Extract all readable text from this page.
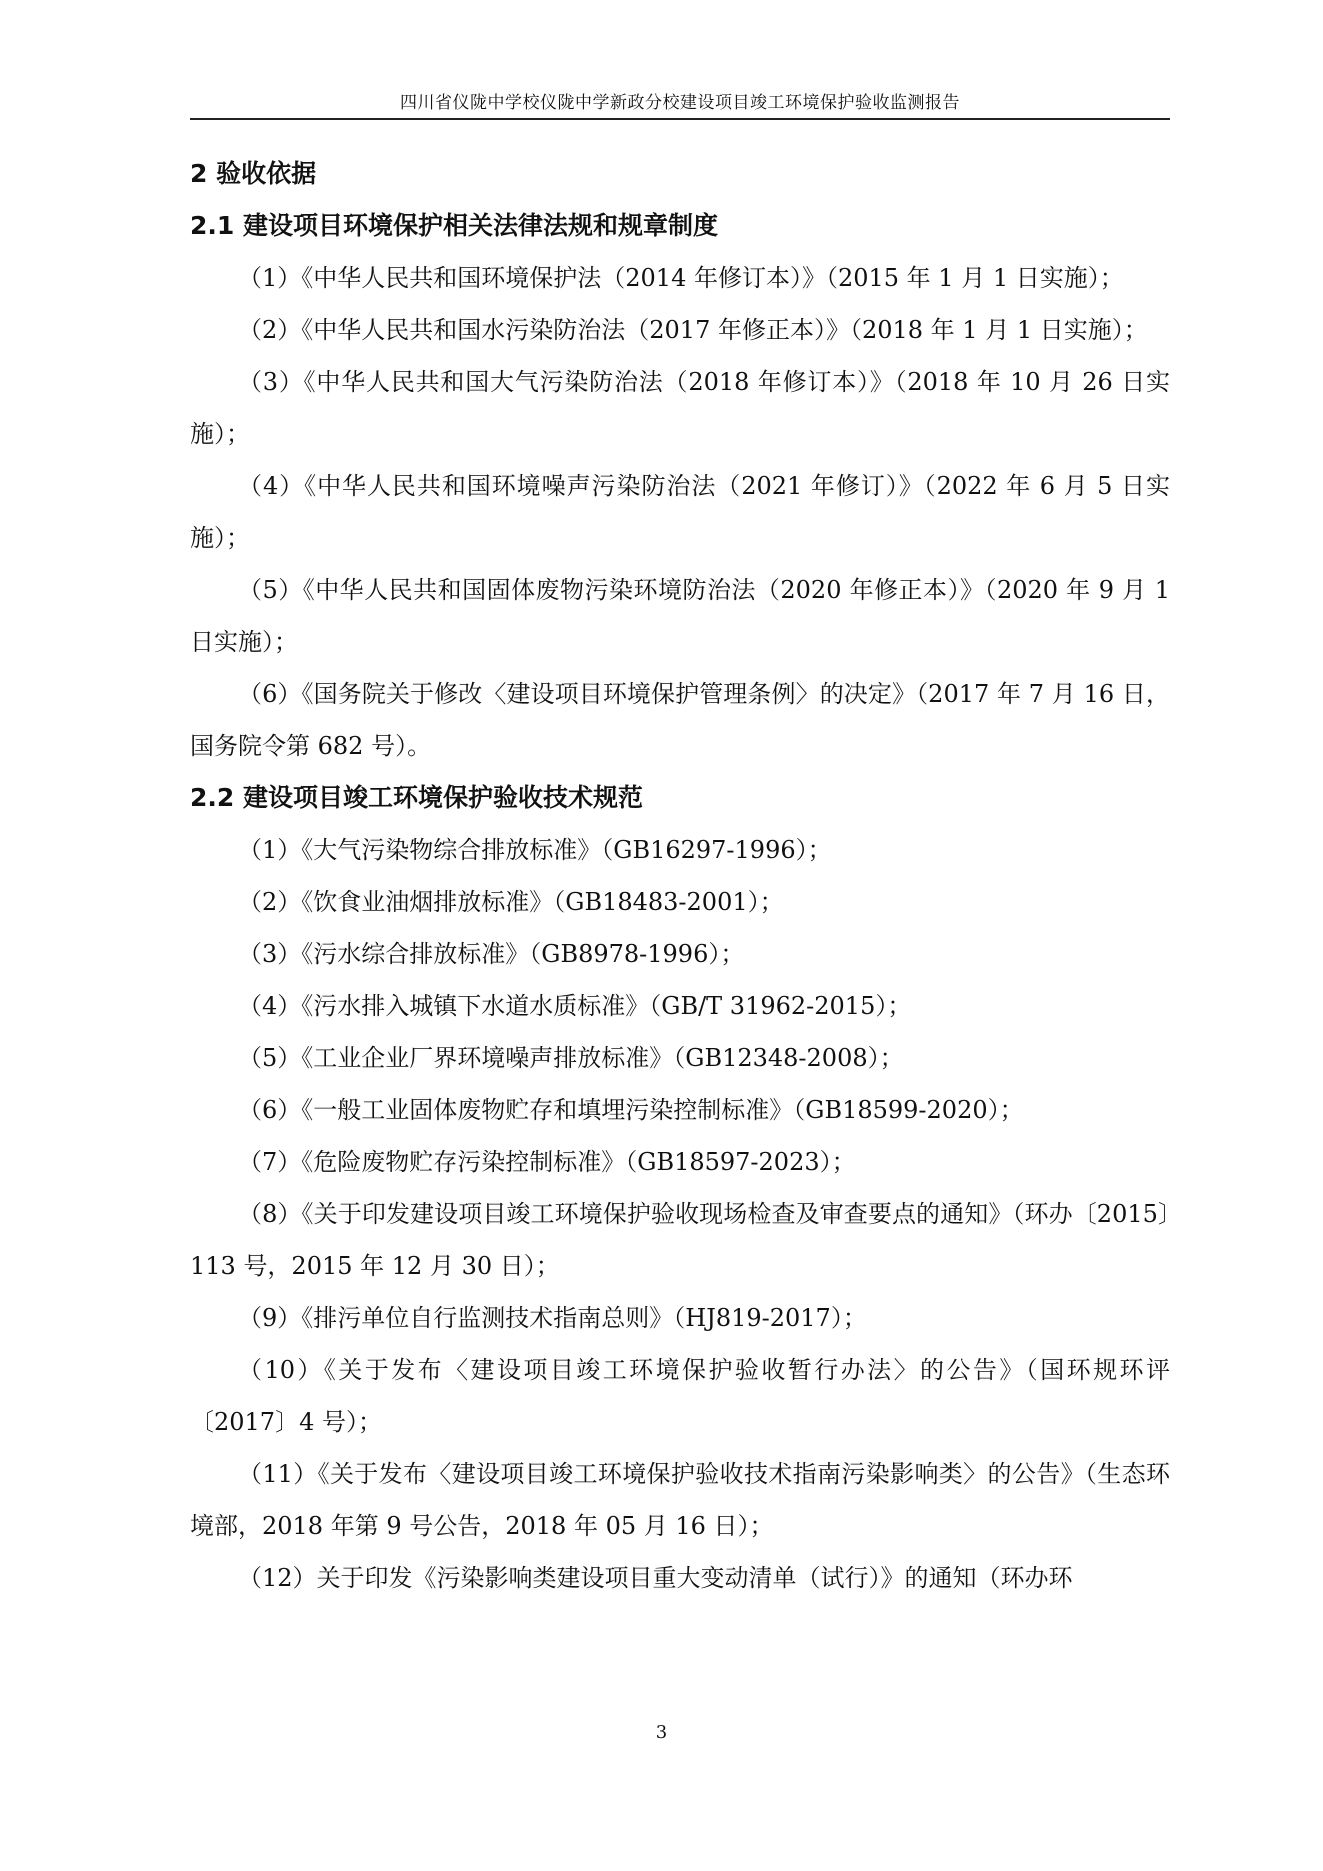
四川省仪陇中学校仪陇中学新政分校建设项目竣工环境保护验收监测报告
2 验收依据
2.1 建设项目环境保护相关法律法规和规章制度

（1）《中华人民共和国环境保护法（2014 年修订本）》（2015 年 1 月 1 日实施）；

（2）《中华人民共和国水污染防治法（2017 年修正本）》（2018 年 1 月 1 日实施）；

（3）《中华人民共和国大气污染防治法（2018 年修订本）》（2018 年 10 月 26 日实施）；

（4）《中华人民共和国环境噪声污染防治法（2021 年修订）》（2022 年 6 月 5 日实施）；

（5）《中华人民共和国固体废物污染环境防治法（2020 年修正本）》（2020 年 9 月 1 日实施）；

（6）《国务院关于修改〈建设项目环境保护管理条例〉的决定》（2017 年 7 月 16 日，国务院令第 682 号）。

2.2 建设项目竣工环境保护验收技术规范

（1）《大气污染物综合排放标准》（GB16297-1996）；

（2）《饮食业油烟排放标准》（GB18483-2001）；

（3）《污水综合排放标准》（GB8978-1996）；

（4）《污水排入城镇下水道水质标准》（GB/T 31962-2015）；

（5）《工业企业厂界环境噪声排放标准》（GB12348-2008）；

（6）《一般工业固体废物贮存和填埋污染控制标准》（GB18599-2020）；

（7）《危险废物贮存污染控制标准》（GB18597-2023）；

（8）《关于印发建设项目竣工环境保护验收现场检查及审查要点的通知》（环办〔2015〕113 号，2015 年 12 月 30 日）；

（9）《排污单位自行监测技术指南总则》（HJ819-2017）；

（10）《关于发布〈建设项目竣工环境保护验收暂行办法〉的公告》（国环规环评〔2017〕4 号）；

（11）《关于发布〈建设项目竣工环境保护验收技术指南污染影响类〉的公告》（生态环境部，2018 年第 9 号公告，2018 年 05 月 16 日）；

（12）关于印发《污染影响类建设项目重大变动清单（试行）》的通知（环办环

3
